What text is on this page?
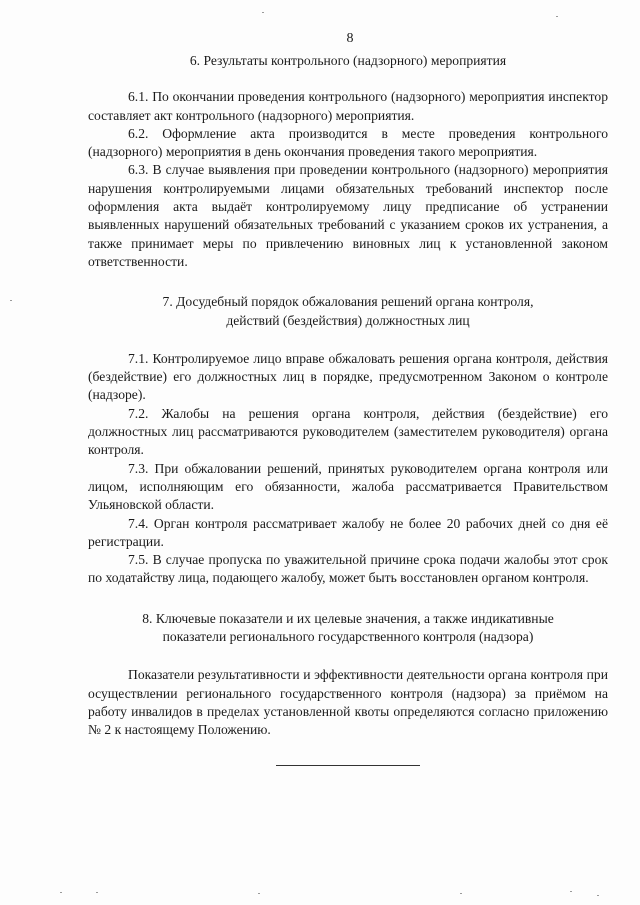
8

6. Результаты контрольного (надзорного) мероприятия

6.1. По окончании проведения контрольного (надзорного) мероприятия инспектор составляет акт контрольного (надзорного) мероприятия.

6.2. Оформление акта производится в месте проведения контрольного (надзорного) мероприятия в день окончания проведения такого мероприятия.

6.3. В случае выявления при проведении контрольного (надзорного) мероприятия нарушения контролируемыми лицами обязательных требований инспектор после оформления акта выдаёт контролируемому лицу предписание об устранении выявленных нарушений обязательных требований с указанием сроков их устранения, а также принимает меры по привлечению виновных лиц к установленной законом ответственности.

7. Досудебный порядок обжалования решений органа контроля,
действий (бездействия) должностных лиц

7.1. Контролируемое лицо вправе обжаловать решения органа контроля, действия (бездействие) его должностных лиц в порядке, предусмотренном Законом о контроле (надзоре).

7.2. Жалобы на решения органа контроля, действия (бездействие) его должностных лиц рассматриваются руководителем (заместителем руководителя) органа контроля.

7.3. При обжаловании решений, принятых руководителем органа контроля или лицом, исполняющим его обязанности, жалоба рассматривается Правительством Ульяновской области.

7.4. Орган контроля рассматривает жалобу не более 20 рабочих дней со дня её регистрации.

7.5. В случае пропуска по уважительной причине срока подачи жалобы этот срок по ходатайству лица, подающего жалобу, может быть восстановлен органом контроля.

8. Ключевые показатели и их целевые значения, а также индикативные
показатели регионального государственного контроля (надзора)

Показатели результативности и эффективности деятельности органа контроля при осуществлении регионального государственного контроля (надзора) за приёмом на работу инвалидов в пределах установленной квоты определяются согласно приложению № 2 к настоящему Положению.
